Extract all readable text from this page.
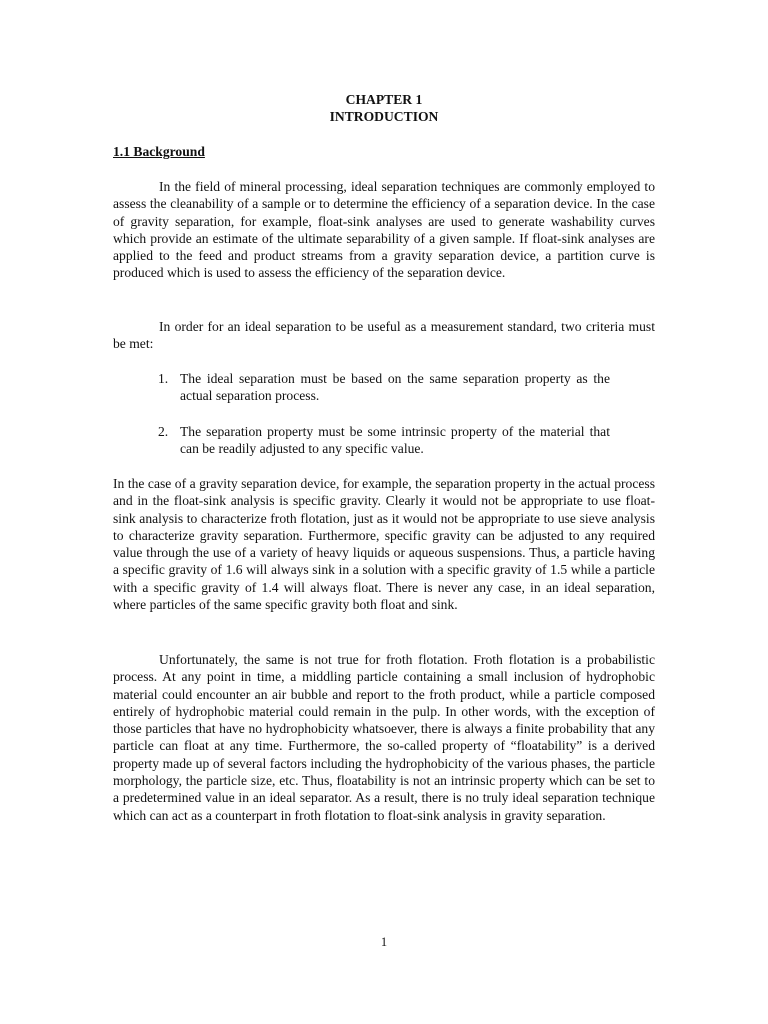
CHAPTER 1
INTRODUCTION
1.1 Background

In the field of mineral processing, ideal separation techniques are commonly employed to assess the cleanability of a sample or to determine the efficiency of a separation device. In the case of gravity separation, for example, float-sink analyses are used to generate washability curves which provide an estimate of the ultimate separability of a given sample. If float-sink analyses are applied to the feed and product streams from a gravity separation device, a partition curve is produced which is used to assess the efficiency of the separation device.

In order for an ideal separation to be useful as a measurement standard, two criteria must be met:

1. The ideal separation must be based on the same separation property as the actual separation process.
2. The separation property must be some intrinsic property of the material that can be readily adjusted to any specific value.

In the case of a gravity separation device, for example, the separation property in the actual process and in the float-sink analysis is specific gravity. Clearly it would not be appropriate to use float-sink analysis to characterize froth flotation, just as it would not be appropriate to use sieve analysis to characterize gravity separation. Furthermore, specific gravity can be adjusted to any required value through the use of a variety of heavy liquids or aqueous suspensions. Thus, a particle having a specific gravity of 1.6 will always sink in a solution with a specific gravity of 1.5 while a particle with a specific gravity of 1.4 will always float. There is never any case, in an ideal separation, where particles of the same specific gravity both float and sink.

Unfortunately, the same is not true for froth flotation. Froth flotation is a probabilistic process. At any point in time, a middling particle containing a small inclusion of hydrophobic material could encounter an air bubble and report to the froth product, while a particle composed entirely of hydrophobic material could remain in the pulp. In other words, with the exception of those particles that have no hydrophobicity whatsoever, there is always a finite probability that any particle can float at any time. Furthermore, the so-called property of “floatability” is a derived property made up of several factors including the hydrophobicity of the various phases, the particle morphology, the particle size, etc. Thus, floatability is not an intrinsic property which can be set to a predetermined value in an ideal separator. As a result, there is no truly ideal separation technique which can act as a counterpart in froth flotation to float-sink analysis in gravity separation.

1
